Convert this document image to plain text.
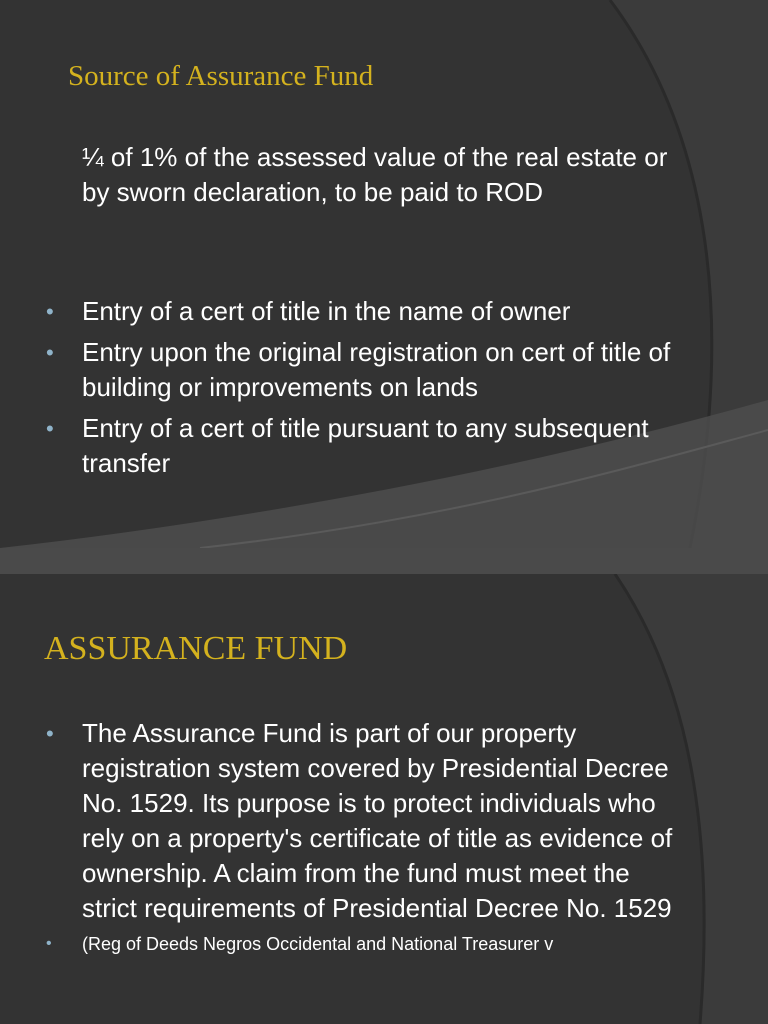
Source of Assurance Fund

¼ of 1% of the assessed value of the real estate or by sworn declaration, to be paid to ROD

• Entry of a cert of title in the name of owner
• Entry upon the original registration on cert of title of building or improvements on lands
• Entry of a cert of title pursuant to any subsequent transfer
ASSURANCE FUND
• The Assurance Fund is part of our property registration system covered by Presidential Decree No. 1529. Its purpose is to protect individuals who rely on a property's certificate of title as evidence of ownership. A claim from the fund must meet the strict requirements of Presidential Decree No. 1529
• (Reg of Deeds Negros Occidental and National Treasurer v
